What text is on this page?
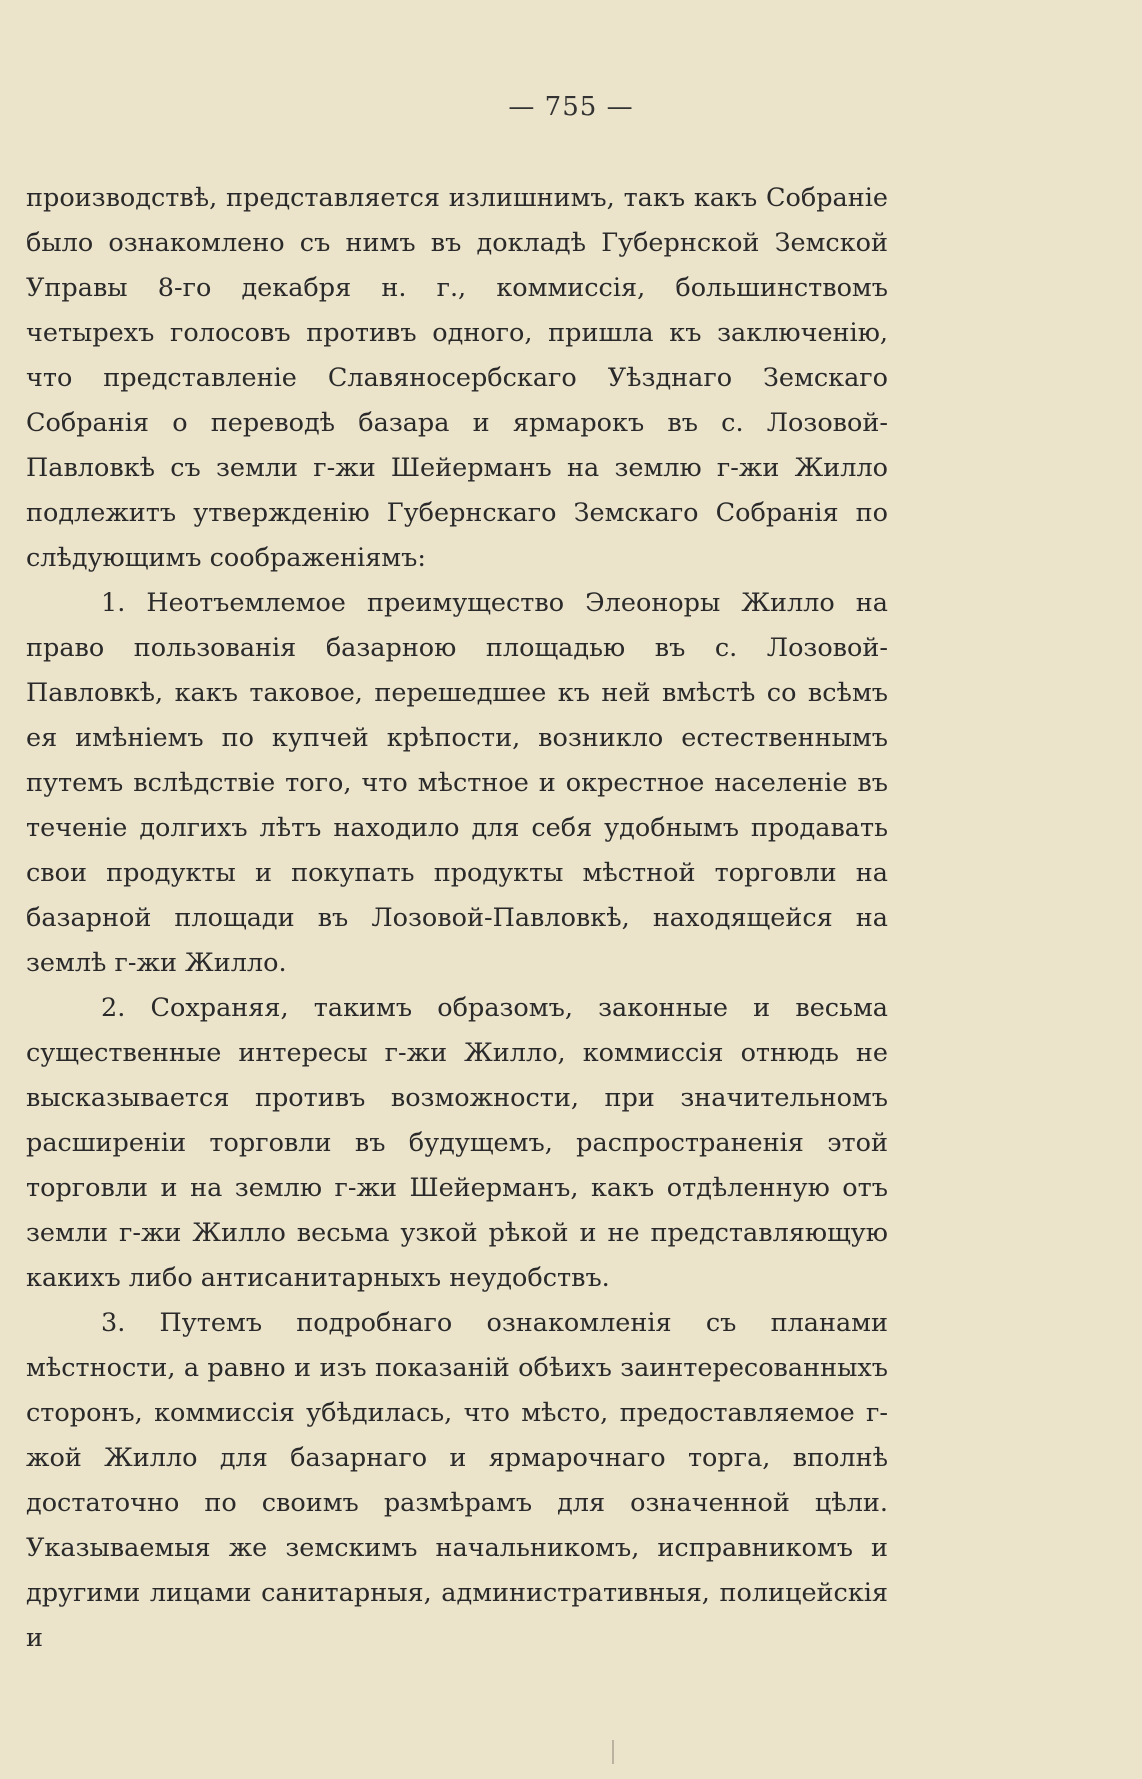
— 755 —

производствѣ, представляется излишнимъ, такъ какъ Собраніе было ознакомлено съ нимъ въ докладѣ Губернской Земской Управы 8-го декабря н. г., коммиссія, большинствомъ четырехъ голосовъ противъ одного, пришла къ заключенію, что представленіе Славяносербскаго Уѣзднаго Земскаго Собранія о переводѣ базара и ярмарокъ въ с. Лозовой-Павловкѣ съ земли г-жи Шейерманъ на землю г-жи Жилло подлежитъ утвержденію Губернскаго Земскаго Собранія по слѣдующимъ соображеніямъ:

1. Неотъемлемое преимущество Элеоноры Жилло на право пользованія базарною площадью въ с. Лозовой-Павловкѣ, какъ таковое, перешедшее къ ней вмѣстѣ со всѣмъ ея имѣніемъ по купчей крѣпости, возникло естественнымъ путемъ вслѣдствіе того, что мѣстное и окрестное населеніе въ теченіе долгихъ лѣтъ находило для себя удобнымъ продавать свои продукты и покупать продукты мѣстной торговли на базарной площади въ Лозовой-Павловкѣ, находящейся на землѣ г-жи Жилло.

2. Сохраняя, такимъ образомъ, законные и весьма существенные интересы г-жи Жилло, коммиссія отнюдь не высказывается противъ возможности, при значительномъ расширеніи торговли въ будущемъ, распространенія этой торговли и на землю г-жи Шейерманъ, какъ отдѣленную отъ земли г-жи Жилло весьма узкой рѣкой и не представляющую какихъ либо антисанитарныхъ неудобствъ.

3. Путемъ подробнаго ознакомленія съ планами мѣстности, а равно и изъ показаній обѣихъ заинтересованныхъ сторонъ, коммиссія убѣдилась, что мѣсто, предоставляемое г-жой Жилло для базарнаго и ярмарочнаго торга, вполнѣ достаточно по своимъ размѣрамъ для означенной цѣли. Указываемыя же земскимъ начальникомъ, исправникомъ и другими лицами санитарныя, административныя, полицейскія и
